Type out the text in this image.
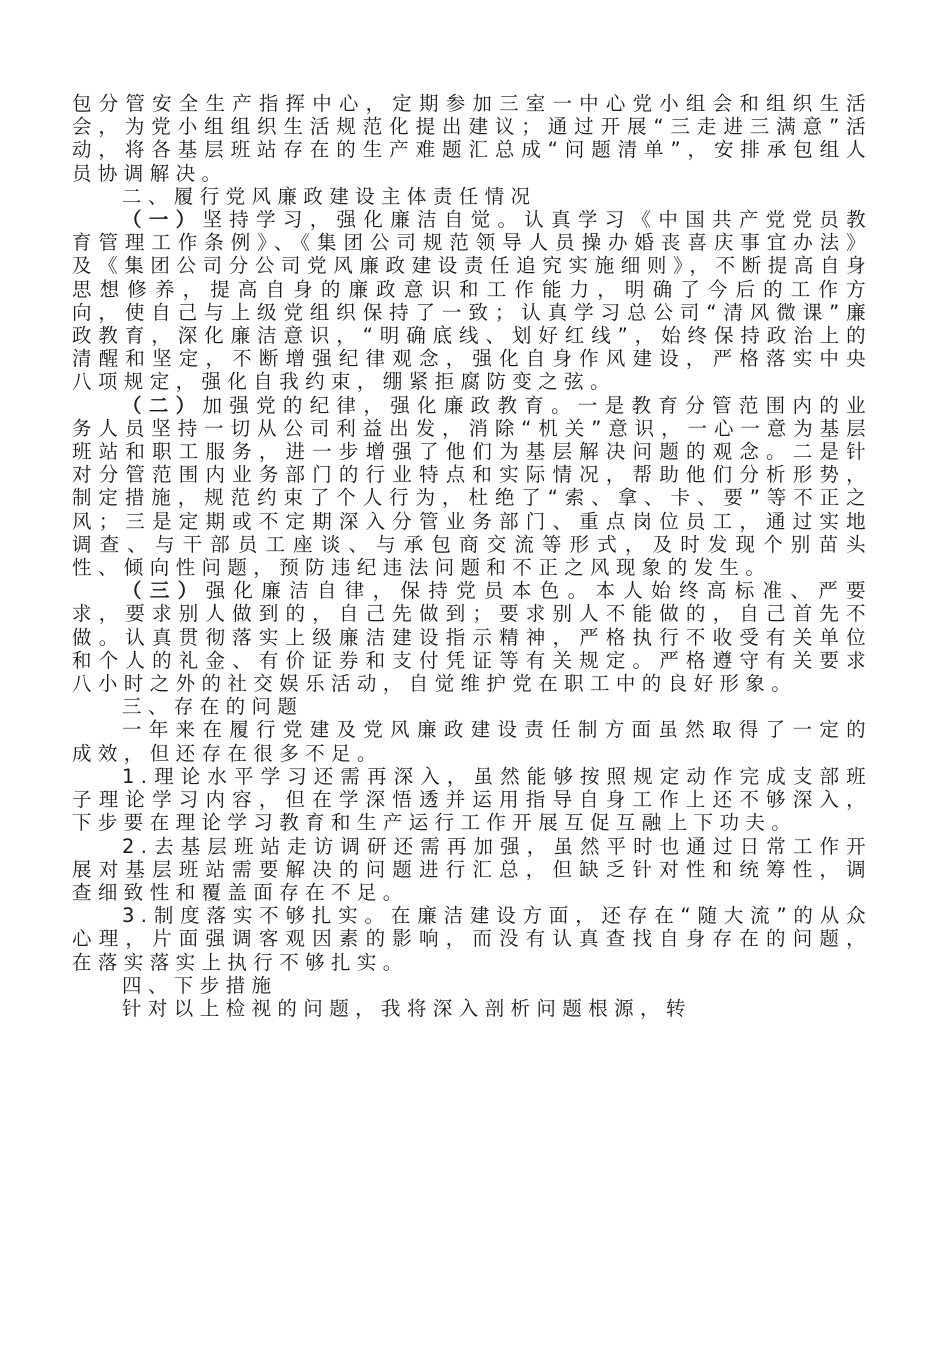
包分管安全生产指挥中心，定期参加三室一中心党小组会和组织生活会，为党小组组织生活规范化提出建议；通过开展“三走进三满意”活动，将各基层班站存在的生产难题汇总成“问题清单”，安排承包组人员协调解决。

二、履行党风廉政建设主体责任情况

（一）坚持学习，强化廉洁自觉。认真学习《中国共产党党员教育管理工作条例》、《集团公司规范领导人员操办婚丧喜庆事宜办法》及《集团公司分公司党风廉政建设责任追究实施细则》，不断提高自身思想修养，提高自身的廉政意识和工作能力，明确了今后的工作方向，使自己与上级党组织保持了一致；认真学习总公司“清风微课”廉政教育，深化廉洁意识，“明确底线、划好红线”，始终保持政治上的清醒和坚定，不断增强纪律观念，强化自身作风建设，严格落实中央八项规定，强化自我约束，绷紧拒腐防变之弦。

（二）加强党的纪律，强化廉政教育。一是教育分管范围内的业务人员坚持一切从公司利益出发，消除“机关”意识，一心一意为基层班站和职工服务，进一步增强了他们为基层解决问题的观念。二是针对分管范围内业务部门的行业特点和实际情况，帮助他们分析形势，制定措施，规范约束了个人行为，杜绝了“索、拿、卡、要”等不正之风；三是定期或不定期深入分管业务部门、重点岗位员工，通过实地调查、与干部员工座谈、与承包商交流等形式，及时发现个别苗头性、倾向性问题，预防违纪违法问题和不正之风现象的发生。

（三）强化廉洁自律，保持党员本色。本人始终高标准、严要求，要求别人做到的，自己先做到；要求别人不能做的，自己首先不做。认真贯彻落实上级廉洁建设指示精神，严格执行不收受有关单位和个人的礼金、有价证券和支付凭证等有关规定。严格遵守有关要求八小时之外的社交娱乐活动，自觉维护党在职工中的良好形象。

三、存在的问题

一年来在履行党建及党风廉政建设责任制方面虽然取得了一定的成效，但还存在很多不足。

1.理论水平学习还需再深入，虽然能够按照规定动作完成支部班子理论学习内容，但在学深悟透并运用指导自身工作上还不够深入，下步要在理论学习教育和生产运行工作开展互促互融上下功夫。

2.去基层班站走访调研还需再加强，虽然平时也通过日常工作开展对基层班站需要解决的问题进行汇总，但缺乏针对性和统筹性，调查细致性和覆盖面存在不足。

3.制度落实不够扎实。在廉洁建设方面，还存在“随大流”的从众心理，片面强调客观因素的影响，而没有认真查找自身存在的问题，在落实落实上执行不够扎实。

四、下步措施

针对以上检视的问题，我将深入剖析问题根源，转
